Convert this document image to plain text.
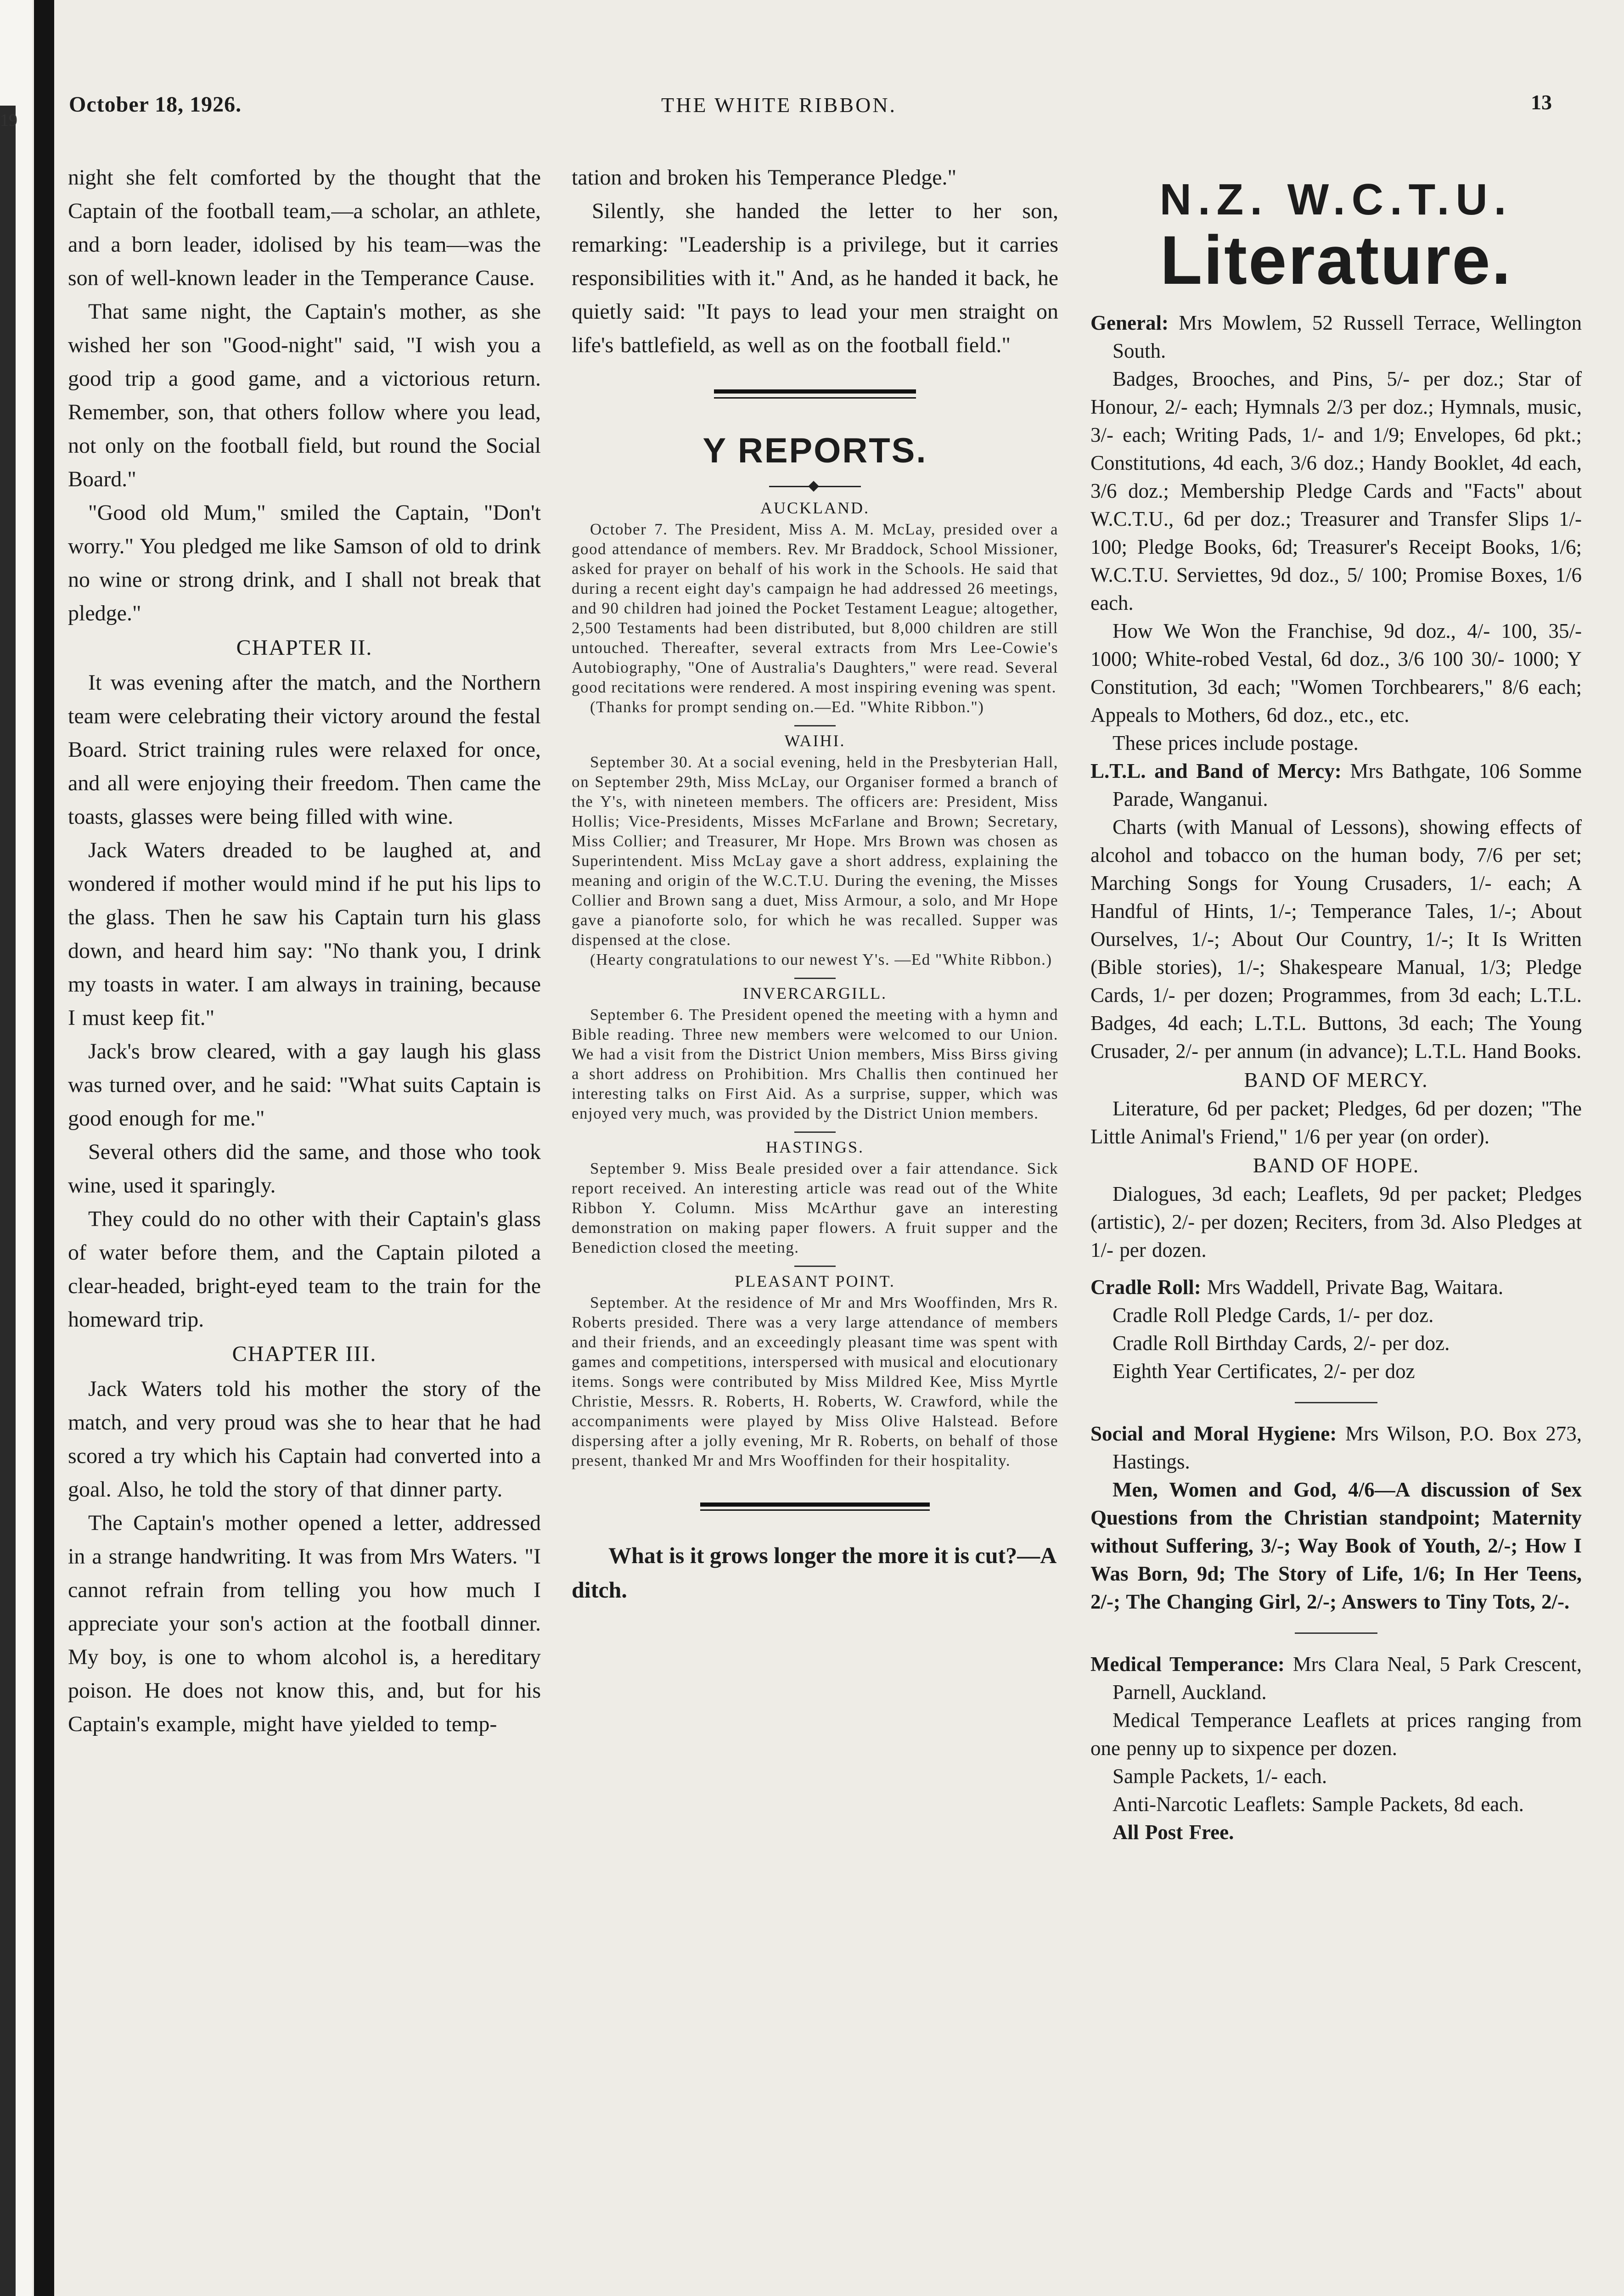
19
October 18, 1926.	THE WHITE RIBBON.	13

night she felt comforted by the thought that the Captain of the football team,—a scholar, an athlete, and a born leader, idolised by his team—was the son of well-known leader in the Temperance Cause.

That same night, the Captain's mother, as she wished her son "Good-night" said, "I wish you a good trip a good game, and a victorious return. Remember, son, that others follow where you lead, not only on the football field, but round the Social Board."

"Good old Mum," smiled the Captain, "Don't worry." You pledged me like Samson of old to drink no wine or strong drink, and I shall not break that pledge."

CHAPTER II.

It was evening after the match, and the Northern team were celebrating their victory around the festal Board. Strict training rules were relaxed for once, and all were enjoying their freedom. Then came the toasts, glasses were being filled with wine.

Jack Waters dreaded to be laughed at, and wondered if mother would mind if he put his lips to the glass. Then he saw his Captain turn his glass down, and heard him say: "No thank you, I drink my toasts in water. I am always in training, because I must keep fit."

Jack's brow cleared, with a gay laugh his glass was turned over, and he said: "What suits Captain is good enough for me."

Several others did the same, and those who took wine, used it sparingly.

They could do no other with their Captain's glass of water before them, and the Captain piloted a clear-headed, bright-eyed team to the train for the homeward trip.

CHAPTER III.

Jack Waters told his mother the story of the match, and very proud was she to hear that he had scored a try which his Captain had converted into a goal. Also, he told the story of that dinner party.

The Captain's mother opened a letter, addressed in a strange handwriting. It was from Mrs Waters. "I cannot refrain from telling you how much I appreciate your son's action at the football dinner. My boy, is one to whom alcohol is, a hereditary poison. He does not know this, and, but for his Captain's example, might have yielded to temp-

tation and broken his Temperance Pledge."

Silently, she handed the letter to her son, remarking: "Leadership is a privilege, but it carries responsibilities with it." And, as he handed it back, he quietly said: "It pays to lead your men straight on life's battlefield, as well as on the football field."

Y REPORTS.

AUCKLAND.

October 7. The President, Miss A. M. McLay, presided over a good attendance of members. Rev. Mr Braddock, School Missioner, asked for prayer on behalf of his work in the Schools. He said that during a recent eight day's campaign he had addressed 26 meetings, and 90 children had joined the Pocket Testament League; altogether, 2,500 Testaments had been distributed, but 8,000 children are still untouched. Thereafter, several extracts from Mrs Lee-Cowie's Autobiography, "One of Australia's Daughters," were read. Several good recitations were rendered. A most inspiring evening was spent.

(Thanks for prompt sending on.—Ed. "White Ribbon.")

WAIHI.

September 30. At a social evening, held in the Presbyterian Hall, on September 29th, Miss McLay, our Organiser formed a branch of the Y's, with nineteen members. The officers are: President, Miss Hollis; Vice-Presidents, Misses McFarlane and Brown; Secretary, Miss Collier; and Treasurer, Mr Hope. Mrs Brown was chosen as Superintendent. Miss McLay gave a short address, explaining the meaning and origin of the W.C.T.U. During the evening, the Misses Collier and Brown sang a duet, Miss Armour, a solo, and Mr Hope gave a pianoforte solo, for which he was recalled. Supper was dispensed at the close.

(Hearty congratulations to our newest Y's. —Ed "White Ribbon.)

INVERCARGILL.

September 6. The President opened the meeting with a hymn and Bible reading. Three new members were welcomed to our Union. We had a visit from the District Union members, Miss Birss giving a short address on Prohibition. Mrs Challis then continued her interesting talks on First Aid. As a surprise, supper, which was enjoyed very much, was provided by the District Union members.

HASTINGS.

September 9. Miss Beale presided over a fair attendance. Sick report received. An interesting article was read out of the White Ribbon Y. Column. Miss McArthur gave an interesting demonstration on making paper flowers. A fruit supper and the Benediction closed the meeting.

PLEASANT POINT.

September. At the residence of Mr and Mrs Wooffinden, Mrs R. Roberts presided. There was a very large attendance of members and their friends, and an exceedingly pleasant time was spent with games and competitions, interspersed with musical and elocutionary items. Songs were contributed by Miss Mildred Kee, Miss Myrtle Christie, Messrs. R. Roberts, H. Roberts, W. Crawford, while the accompaniments were played by Miss Olive Halstead. Before dispersing after a jolly evening, Mr R. Roberts, on behalf of those present, thanked Mr and Mrs Wooffinden for their hospitality.

What is it grows longer the more it is cut?—A ditch.

N.Z. W.C.T.U.
Literature.

General: Mrs Mowlem, 52 Russell Terrace, Wellington South.

Badges, Brooches, and Pins, 5/- per doz.; Star of Honour, 2/- each; Hymnals 2/3 per doz.; Hymnals, music, 3/- each; Writing Pads, 1/- and 1/9; Envelopes, 6d pkt.; Constitutions, 4d each, 3/6 doz.; Handy Booklet, 4d each, 3/6 doz.; Membership Pledge Cards and "Facts" about W.C.T.U., 6d per doz.; Treasurer and Transfer Slips 1/- 100; Pledge Books, 6d; Treasurer's Receipt Books, 1/6; W.C.T.U. Serviettes, 9d doz., 5/ 100; Promise Boxes, 1/6 each.

How We Won the Franchise, 9d doz., 4/- 100, 35/- 1000; White-robed Vestal, 6d doz., 3/6 100 30/- 1000; Y Constitution, 3d each; "Women Torchbearers," 8/6 each; Appeals to Mothers, 6d doz., etc., etc.

These prices include postage.

L.T.L. and Band of Mercy: Mrs Bathgate, 106 Somme Parade, Wanganui.

Charts (with Manual of Lessons), showing effects of alcohol and tobacco on the human body, 7/6 per set; Marching Songs for Young Crusaders, 1/- each; A Handful of Hints, 1/-; Temperance Tales, 1/-; About Ourselves, 1/-; About Our Country, 1/-; It Is Written (Bible stories), 1/-; Shakespeare Manual, 1/3; Pledge Cards, 1/- per dozen; Programmes, from 3d each; L.T.L. Badges, 4d each; L.T.L. Buttons, 3d each; The Young Crusader, 2/- per annum (in advance); L.T.L. Hand Books.

BAND OF MERCY.

Literature, 6d per packet; Pledges, 6d per dozen; "The Little Animal's Friend," 1/6 per year (on order).

BAND OF HOPE.

Dialogues, 3d each; Leaflets, 9d per packet; Pledges (artistic), 2/- per dozen; Reciters, from 3d. Also Pledges at 1/- per dozen.

Cradle Roll: Mrs Waddell, Private Bag, Waitara.

Cradle Roll Pledge Cards, 1/- per doz.

Cradle Roll Birthday Cards, 2/- per doz.

Eighth Year Certificates, 2/- per doz

Social and Moral Hygiene: Mrs Wilson, P.O. Box 273, Hastings.

Men, Women and God, 4/6—A discussion of Sex Questions from the Christian standpoint; Maternity without Suffering, 3/-; Way Book of Youth, 2/-; How I Was Born, 9d; The Story of Life, 1/6; In Her Teens, 2/-; The Changing Girl, 2/-; Answers to Tiny Tots, 2/-.

Medical Temperance: Mrs Clara Neal, 5 Park Crescent, Parnell, Auckland.

Medical Temperance Leaflets at prices ranging from one penny up to sixpence per dozen.

Sample Packets, 1/- each.

Anti-Narcotic Leaflets: Sample Packets, 8d each.

All Post Free.
